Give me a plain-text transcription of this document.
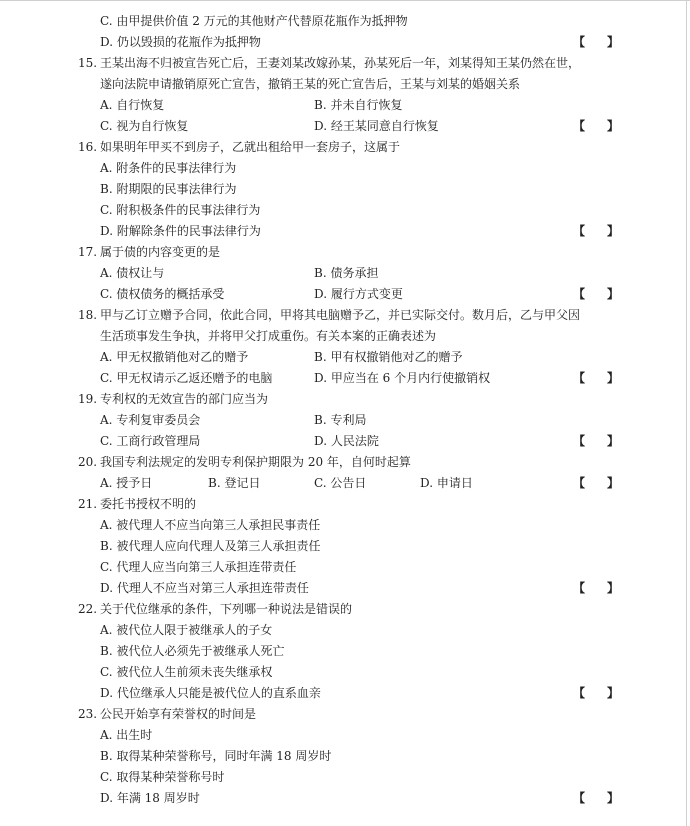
C. 由甲提供价值 2 万元的其他财产代替原花瓶作为抵押物
D. 仍以毁损的花瓶作为抵押物	【 】
15. 王某出海不归被宣告死亡后，王妻刘某改嫁孙某，孙某死后一年，刘某得知王某仍然在世，
遂向法院申请撤销原死亡宣告，撤销王某的死亡宣告后，王某与刘某的婚姻关系
A. 自行恢复	B. 并未自行恢复
C. 视为自行恢复	D. 经王某同意自行恢复	【 】
16. 如果明年甲买不到房子，乙就出租给甲一套房子，这属于
A. 附条件的民事法律行为
B. 附期限的民事法律行为
C. 附积极条件的民事法律行为
D. 附解除条件的民事法律行为	【 】
17. 属于债的内容变更的是
A. 债权让与	B. 债务承担
C. 债权债务的概括承受	D. 履行方式变更	【 】
18. 甲与乙订立赠予合同，依此合同，甲将其电脑赠予乙，并已实际交付。数月后，乙与甲父因
生活琐事发生争执，并将甲父打成重伤。有关本案的正确表述为
A. 甲无权撤销他对乙的赠予	B. 甲有权撤销他对乙的赠予
C. 甲无权请示乙返还赠予的电脑	D. 甲应当在 6 个月内行使撤销权	【 】
19. 专利权的无效宣告的部门应当为
A. 专利复审委员会	B. 专利局
C. 工商行政管理局	D. 人民法院	【 】
20. 我国专利法规定的发明专利保护期限为 20 年，自何时起算
A. 授予日	B. 登记日	C. 公告日	D. 申请日	【 】
21. 委托书授权不明的
A. 被代理人不应当向第三人承担民事责任
B. 被代理人应向代理人及第三人承担责任
C. 代理人应当向第三人承担连带责任
D. 代理人不应当对第三人承担连带责任	【 】
22. 关于代位继承的条件，下列哪一种说法是错误的
A. 被代位人限于被继承人的子女
B. 被代位人必须先于被继承人死亡
C. 被代位人生前须未丧失继承权
D. 代位继承人只能是被代位人的直系血亲	【 】
23. 公民开始享有荣誉权的时间是
A. 出生时
B. 取得某种荣誉称号，同时年满 18 周岁时
C. 取得某种荣誉称号时
D. 年满 18 周岁时	【 】
